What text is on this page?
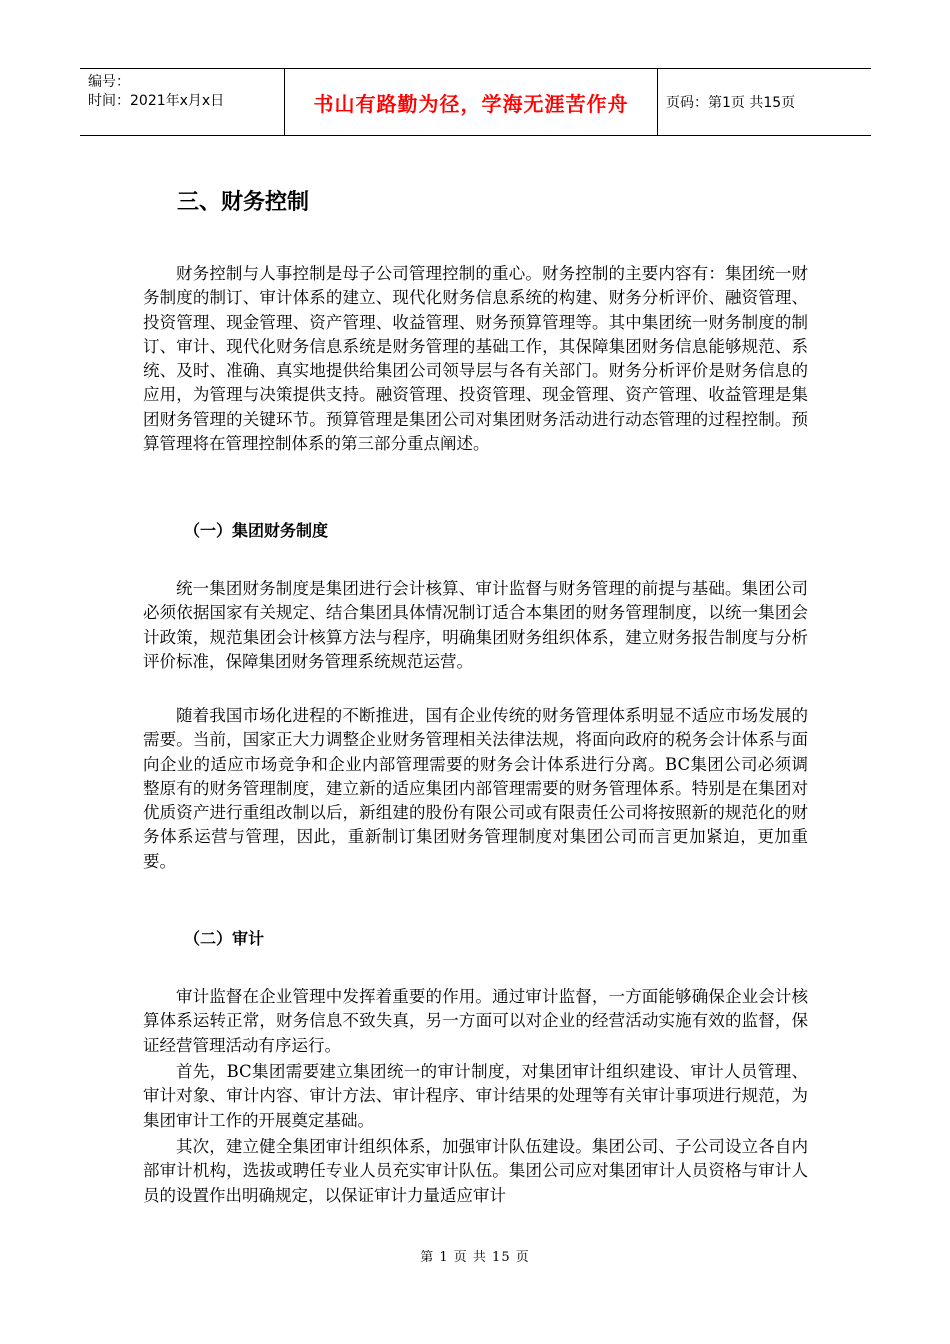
编号：
时间：2021年x月x日	书山有路勤为径，学海无涯苦作舟	页码：第1页 共15页
三、财务控制

财务控制与人事控制是母子公司管理控制的重心。财务控制的主要内容有：集团统一财务制度的制订、审计体系的建立、现代化财务信息系统的构建、财务分析评价、融资管理、投资管理、现金管理、资产管理、收益管理、财务预算管理等。其中集团统一财务制度的制订、审计、现代化财务信息系统是财务管理的基础工作，其保障集团财务信息能够规范、系统、及时、准确、真实地提供给集团公司领导层与各有关部门。财务分析评价是财务信息的应用，为管理与决策提供支持。融资管理、投资管理、现金管理、资产管理、收益管理是集团财务管理的关键环节。预算管理是集团公司对集团财务活动进行动态管理的过程控制。预算管理将在管理控制体系的第三部分重点阐述。

（一）集团财务制度

统一集团财务制度是集团进行会计核算、审计监督与财务管理的前提与基础。集团公司必须依据国家有关规定、结合集团具体情况制订适合本集团的财务管理制度，以统一集团会计政策，规范集团会计核算方法与程序，明确集团财务组织体系，建立财务报告制度与分析评价标准，保障集团财务管理系统规范运营。

随着我国市场化进程的不断推进，国有企业传统的财务管理体系明显不适应市场发展的需要。当前，国家正大力调整企业财务管理相关法律法规，将面向政府的税务会计体系与面向企业的适应市场竞争和企业内部管理需要的财务会计体系进行分离。BC集团公司必须调整原有的财务管理制度，建立新的适应集团内部管理需要的财务管理体系。特别是在集团对优质资产进行重组改制以后，新组建的股份有限公司或有限责任公司将按照新的规范化的财务体系运营与管理，因此，重新制订集团财务管理制度对集团公司而言更加紧迫，更加重要。

（二）审计

审计监督在企业管理中发挥着重要的作用。通过审计监督，一方面能够确保企业会计核算体系运转正常，财务信息不致失真，另一方面可以对企业的经营活动实施有效的监督，保证经营管理活动有序运行。

首先，BC集团需要建立集团统一的审计制度，对集团审计组织建设、审计人员管理、审计对象、审计内容、审计方法、审计程序、审计结果的处理等有关审计事项进行规范，为集团审计工作的开展奠定基础。

其次，建立健全集团审计组织体系，加强审计队伍建设。集团公司、子公司设立各自内部审计机构，选拔或聘任专业人员充实审计队伍。集团公司应对集团审计人员资格与审计人员的设置作出明确规定，以保证审计力量适应审计

第 1 页 共 15 页
